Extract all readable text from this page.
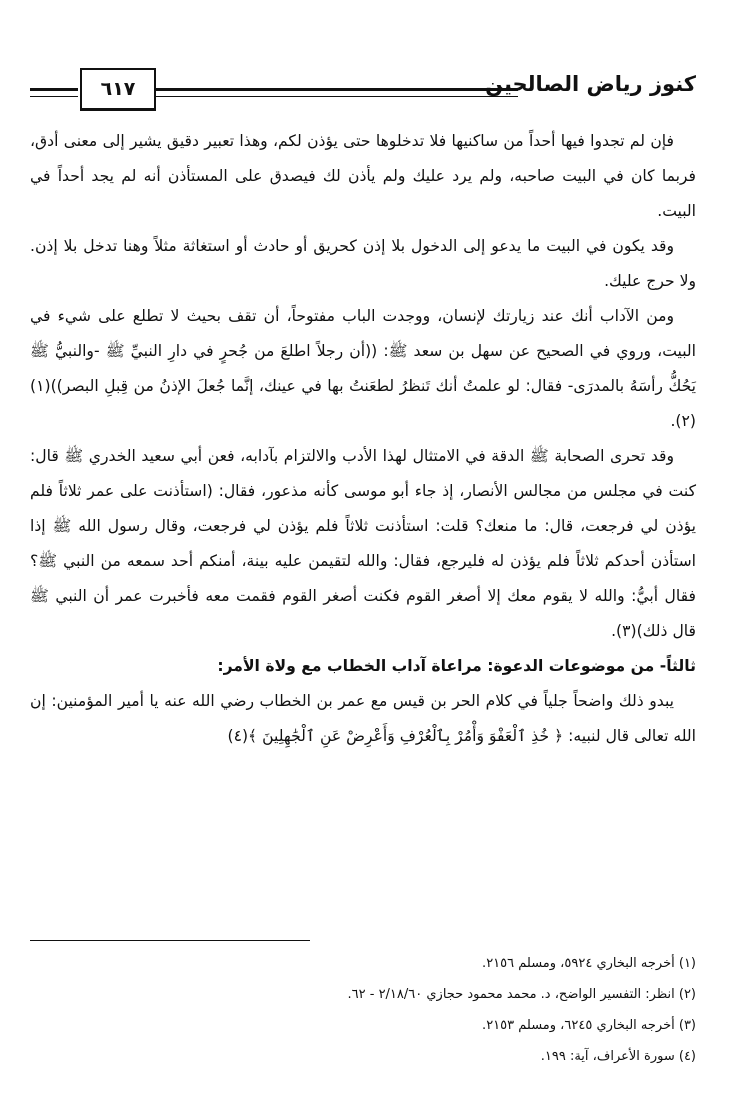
كنوز رياض الصالحين
٦١٧

فإن لم تجدوا فيها أحداً من ساكنيها فلا تدخلوها حتى يؤذن لكم، وهذا تعبير دقيق يشير إلى معنى أدق، فربما كان في البيت صاحبه، ولم يرد عليك ولم يأذن لك فيصدق على المستأذن أنه لم يجد أحداً في البيت.

وقد يكون في البيت ما يدعو إلى الدخول بلا إذن كحريق أو حادث أو استغاثة مثلاً وهنا تدخل بلا إذن. ولا حرج عليك.

ومن الآداب أنك عند زيارتك لإنسان، ووجدت الباب مفتوحاً، أن تقف بحيث لا تطلع على شيء في البيت، وروي في الصحيح عن سهل بن سعد ﷺ: ((أن رجلاً اطلعَ من جُحرٍ في دارِ النبيِّ ﷺ -والنبيُّ ﷺ يَحُكُّ رأسَهُ بالمدرَى- فقال: لو علمتُ أنك تَنظرُ لطعَنتُ بها في عينك، إنَّما جُعلَ الإذنُ من قِبلِ البصر))(١)(٢).

وقد تحرى الصحابة ﷺ الدقة في الامتثال لهذا الأدب والالتزام بآدابه، فعن أبي سعيد الخدري ﷺ قال: كنت في مجلس من مجالس الأنصار، إذ جاء أبو موسى كأنه مذعور، فقال: (استأذنت على عمر ثلاثاً فلم يؤذن لي فرجعت، قال: ما منعك؟ قلت: استأذنت ثلاثاً فلم يؤذن لي فرجعت، وقال رسول الله ﷺ إذا استأذن أحدكم ثلاثاً فلم يؤذن له فليرجع، فقال: والله لتقيمن عليه بينة، أمنكم أحد سمعه من النبي ﷺ؟ فقال أبيُّ: والله لا يقوم معك إلا أصغر القوم فكنت أصغر القوم فقمت معه فأخبرت عمر أن النبي ﷺ قال ذلك)(٣).

ثالثاً- من موضوعات الدعوة: مراعاة آداب الخطاب مع ولاة الأمر:

يبدو ذلك واضحاً جلياً في كلام الحر بن قيس مع عمر بن الخطاب رضي الله عنه يا أمير المؤمنين: إن الله تعالى قال لنبيه: ﴿ خُذِ ٱلْعَفْوَ وَأْمُرْ بِٱلْعُرْفِ وَأَعْرِضْ عَنِ ٱلْجَٰهِلِينَ ﴾(٤)

(١) أخرجه البخاري ٥٩٢٤، ومسلم ٢١٥٦.

(٢) انظر: التفسير الواضح، د. محمد محمود حجازي ٢/١٨/٦٠ - ٦٢.

(٣) أخرجه البخاري ٦٢٤٥، ومسلم ٢١٥٣.

(٤) سورة الأعراف، آية: ١٩٩.
